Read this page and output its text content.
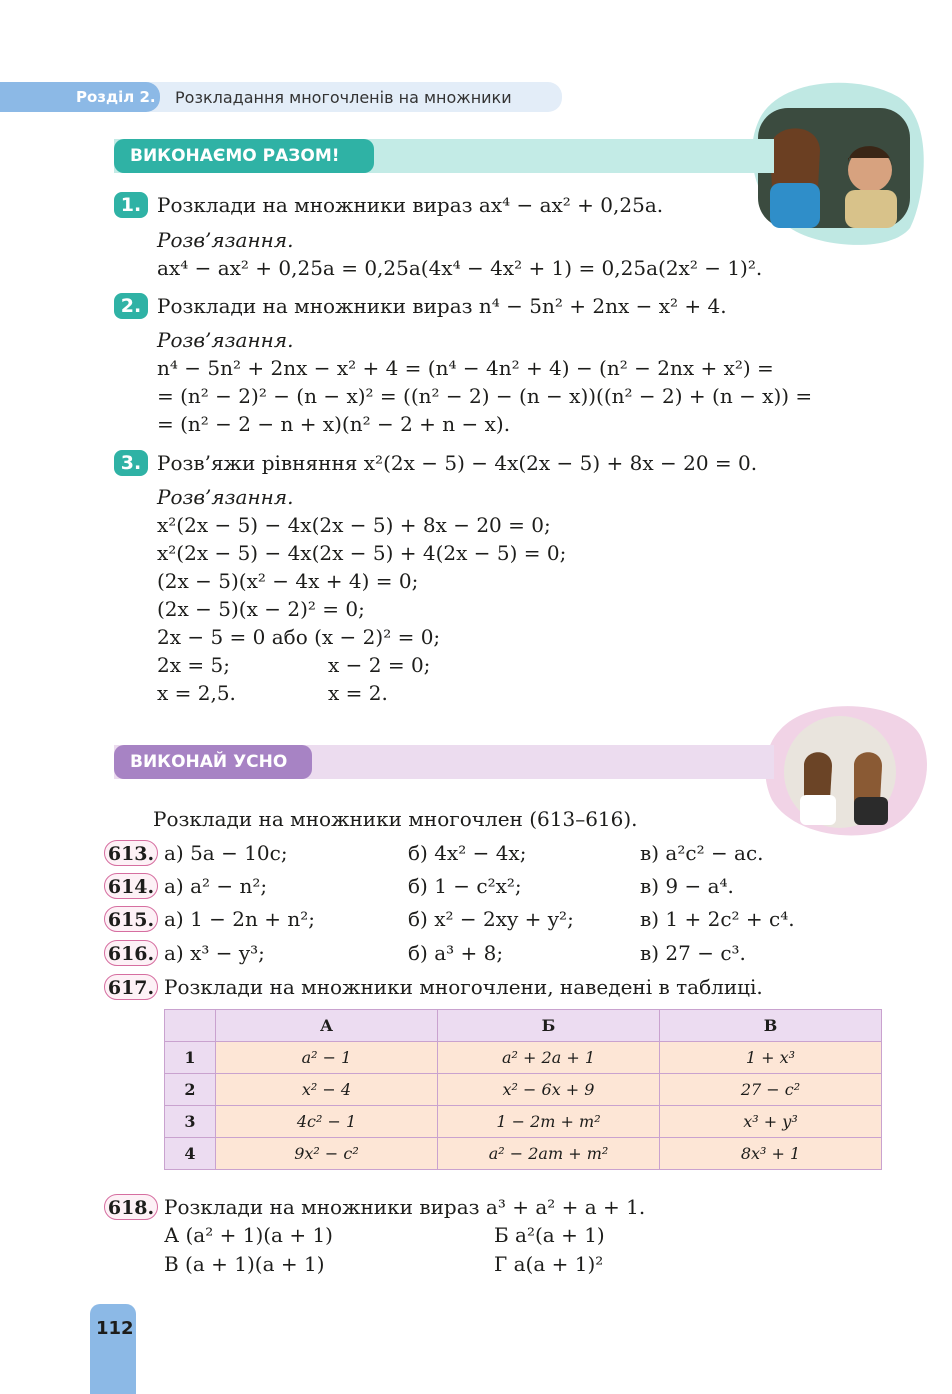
Розділ 2. Розкладання многочленів на множники
ВИКОНАЄМО РАЗОМ!
1. Розклади на множники вираз ax⁴ − ax² + 0,25a.
Розв’язання.
ax⁴ − ax² + 0,25a = 0,25a(4x⁴ − 4x² + 1) = 0,25a(2x² − 1)².
2. Розклади на множники вираз n⁴ − 5n² + 2nx − x² + 4.
Розв’язання.
n⁴ − 5n² + 2nx − x² + 4 = (n⁴ − 4n² + 4) − (n² − 2nx + x²) =
= (n² − 2)² − (n − x)² = ((n² − 2) − (n − x))((n² − 2) + (n − x)) =
= (n² − 2 − n + x)(n² − 2 + n − x).
3. Розв’яжи рівняння x²(2x − 5) − 4x(2x − 5) + 8x − 20 = 0.
Розв’язання.
x²(2x − 5) − 4x(2x − 5) + 8x − 20 = 0;
x²(2x − 5) − 4x(2x − 5) + 4(2x − 5) = 0;
(2x − 5)(x² − 4x + 4) = 0;
(2x − 5)(x − 2)² = 0;
2x − 5 = 0 або (x − 2)² = 0;
2x = 5;	x − 2 = 0;
x = 2,5.	x = 2.
ВИКОНАЙ УСНО
Розклади на множники многочлен (613–616).
613. а) 5a − 10c;	б) 4x² − 4x;	в) a²c² − ac.
614. а) a² − n²;	б) 1 − c²x²;	в) 9 − a⁴.
615. а) 1 − 2n + n²;	б) x² − 2xy + y²;	в) 1 + 2c² + c⁴.
616. а) x³ − y³;	б) a³ + 8;	в) 27 − c³.
617. Розклади на множники многочлени, наведені в таблиці.
	А	Б	В
1	a² − 1	a² + 2a + 1	1 + x³
2	x² − 4	x² − 6x + 9	27 − c²
3	4c² − 1	1 − 2m + m²	x³ + y³
4	9x² − c²	a² − 2am + m²	8x³ + 1
618. Розклади на множники вираз a³ + a² + a + 1.
А (a² + 1)(a + 1)	Б a²(a + 1)
В (a + 1)(a + 1)	Г a(a + 1)²
112
